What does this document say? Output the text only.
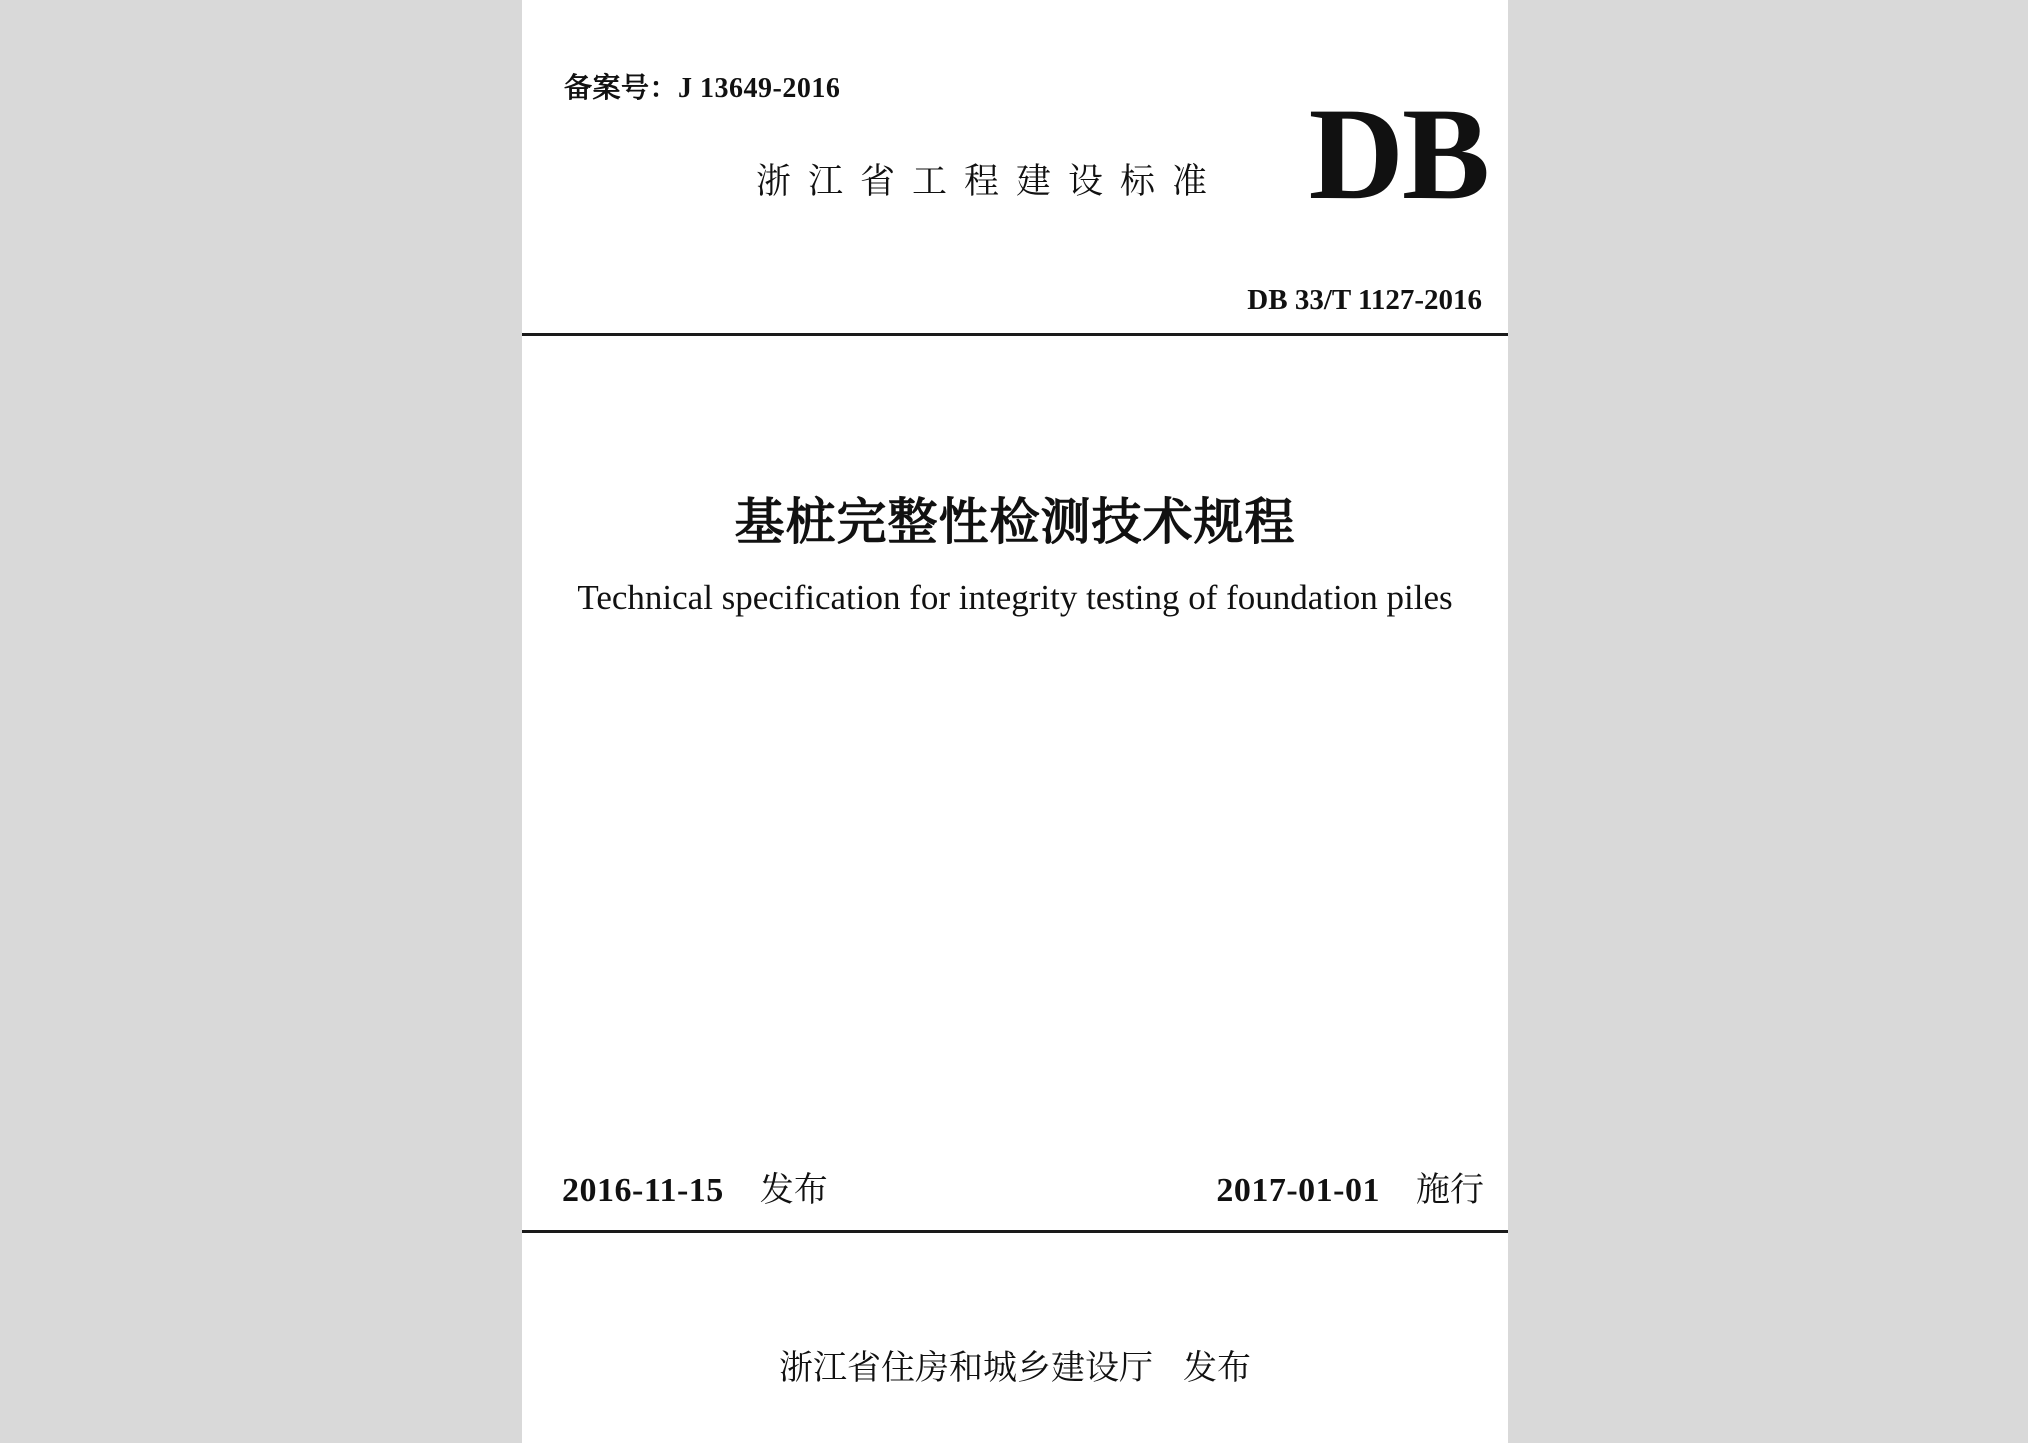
备案号：J 13649-2016
浙江省工程建设标准 DB
DB 33/T 1127-2016
基桩完整性检测技术规程
Technical specification for integrity testing of foundation piles
2016-11-15 发布	2017-01-01 施行
浙江省住房和城乡建设厅 发布
